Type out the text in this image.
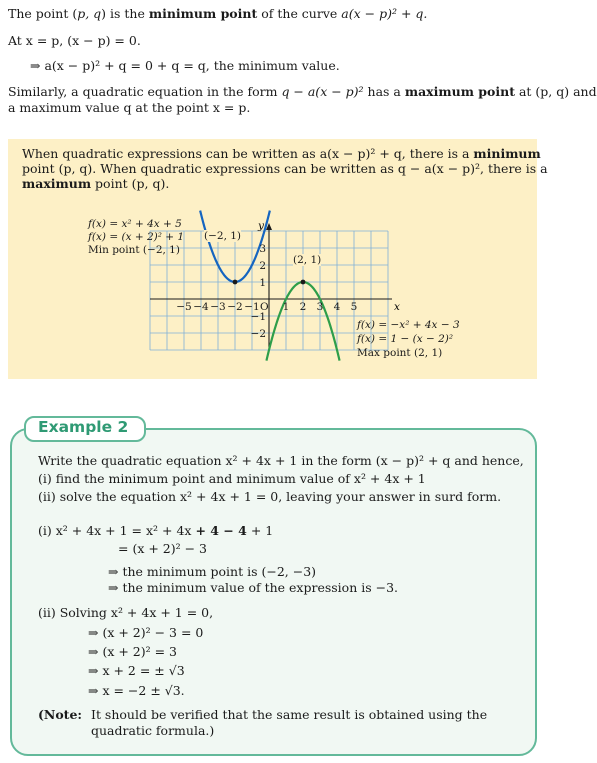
The point (p, q) is the minimum point of the curve a(x − p)² + q.
At x = p, (x − p) = 0.
⇒ a(x − p)² + q = 0 + q = q, the minimum value.
Similarly, a quadratic equation in the form q − a(x − p)² has a maximum point at (p, q) and
a maximum value q at the point x = p.
When quadratic expressions can be written as a(x − p)² + q, there is a minimum
point (p, q). When quadratic expressions can be written as q − a(x − p)², there is a
maximum point (p, q).
−5 −4 −3 −2 −1 O 1 2 3 4 5
3
2
1
−1
−2
x
y
f(x) = x² + 4x + 5
f(x) = (x + 2)² + 1
Min point (−2, 1)
(−2, 1)
(2, 1)
f(x) = −x² + 4x − 3
f(x) = 1 − (x − 2)²
Max point (2, 1)
Example 2
Write the quadratic equation x² + 4x + 1 in the form (x − p)² + q and hence,
(i) find the minimum point and minimum value of x² + 4x + 1
(ii) solve the equation x² + 4x + 1 = 0, leaving your answer in surd form.
(i) x² + 4x + 1 = x² + 4x + 4 − 4 + 1
= (x + 2)² − 3
⇒ the minimum point is (−2, −3)
⇒ the minimum value of the expression is −3.
(ii) Solving x² + 4x + 1 = 0,
⇒ (x + 2)² − 3 = 0
⇒ (x + 2)² = 3
⇒ x + 2 = ± √3
⇒ x = −2 ± √3.
(Note: It should be verified that the same result is obtained using the
quadratic formula.)
